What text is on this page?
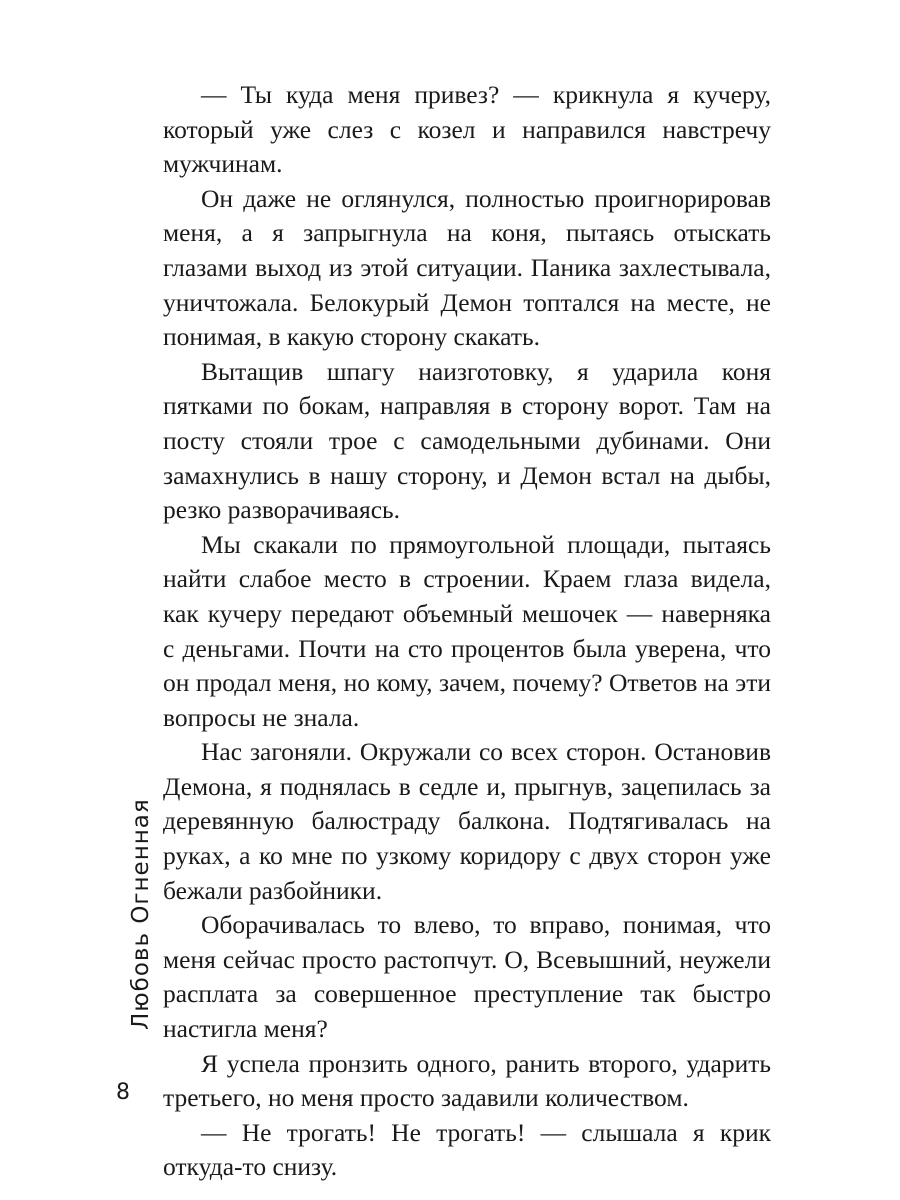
— Ты куда меня привез? — крикнула я кучеру, который уже слез с козел и направился навстречу мужчинам.

Он даже не оглянулся, полностью проигнорировав меня, а я запрыгнула на коня, пытаясь отыскать глазами выход из этой ситуации. Паника захлестывала, уничтожала. Белокурый Демон топтался на месте, не понимая, в какую сторону скакать.

Вытащив шпагу наизготовку, я ударила коня пятками по бокам, направляя в сторону ворот. Там на посту стояли трое с самодельными дубинами. Они замахнулись в нашу сторону, и Демон встал на дыбы, резко разворачиваясь.

Мы скакали по прямоугольной площади, пытаясь найти слабое место в строении. Краем глаза видела, как кучеру передают объемный мешочек — наверняка с деньгами. Почти на сто процентов была уверена, что он продал меня, но кому, зачем, почему? Ответов на эти вопросы не знала.

Нас загоняли. Окружали со всех сторон. Остановив Демона, я поднялась в седле и, прыгнув, зацепилась за деревянную балюстраду балкона. Подтягивалась на руках, а ко мне по узкому коридору с двух сторон уже бежали разбойники.

Оборачивалась то влево, то вправо, понимая, что меня сейчас просто растопчут. О, Всевышний, неужели расплата за совершенное преступление так быстро настигла меня?

Я успела пронзить одного, ранить второго, ударить третьего, но меня просто задавили количеством.

— Не трогать! Не трогать! — слышала я крик откуда-то снизу.

Любовь Огненная
8
